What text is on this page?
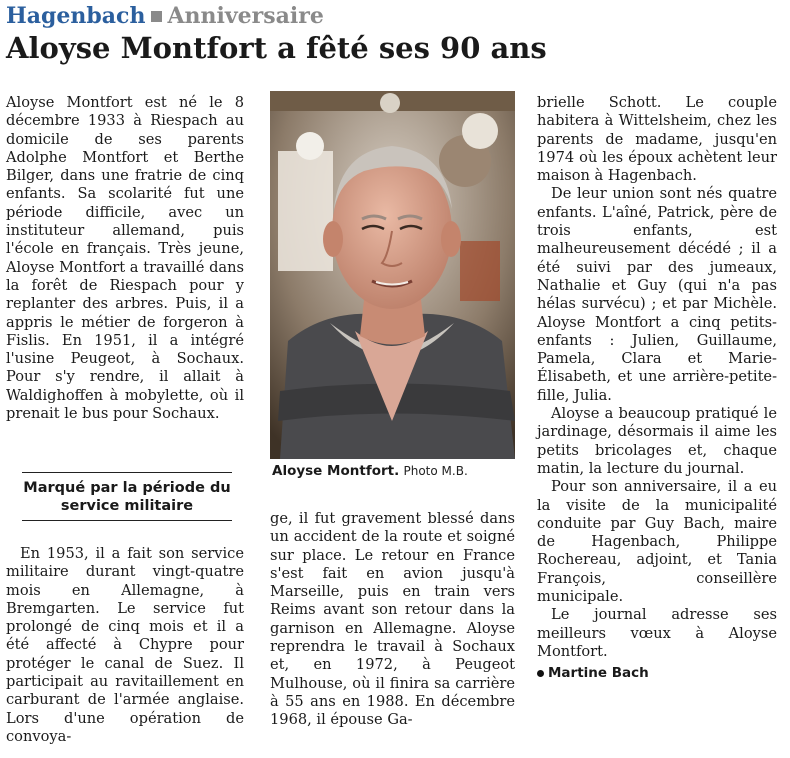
Hagenbach Anniversaire
Aloyse Montfort a fêté ses 90 ans

Aloyse Montfort est né le 8 décembre 1933 à Riespach au domicile de ses parents Adolphe Montfort et Berthe Bilger, dans une fratrie de cinq enfants. Sa scolarité fut une période difficile, avec un instituteur allemand, puis l'école en français. Très jeune, Aloyse Montfort a travaillé dans la forêt de Riespach pour y replanter des arbres. Puis, il a appris le métier de forgeron à Fislis. En 1951, il a intégré l'usine Peugeot, à Sochaux. Pour s'y rendre, il allait à Waldighoffen à mobylette, où il prenait le bus pour Sochaux.

Marqué par la période du service militaire

En 1953, il a fait son service militaire durant vingt-quatre mois en Allemagne, à Bremgarten. Le service fut prolongé de cinq mois et il a été affecté à Chypre pour protéger le canal de Suez. Il participait au ravitaillement en carburant de l'armée anglaise. Lors d'une opération de convoya-

Aloyse Montfort. Photo M.B.

ge, il fut gravement blessé dans un accident de la route et soigné sur place. Le retour en France s'est fait en avion jusqu'à Marseille, puis en train vers Reims avant son retour dans la garnison en Allemagne. Aloyse reprendra le travail à Sochaux et, en 1972, à Peugeot Mulhouse, où il finira sa carrière à 55 ans en 1988. En décembre 1968, il épouse Ga-

brielle Schott. Le couple habitera à Wittelsheim, chez les parents de madame, jusqu'en 1974 où les époux achètent leur maison à Hagenbach.

De leur union sont nés quatre enfants. L'aîné, Patrick, père de trois enfants, est malheureusement décédé ; il a été suivi par des jumeaux, Nathalie et Guy (qui n'a pas hélas survécu) ; et par Michèle. Aloyse Montfort a cinq petits-enfants : Julien, Guillaume, Pamela, Clara et Marie-Élisabeth, et une arrière-petite-fille, Julia.

Aloyse a beaucoup pratiqué le jardinage, désormais il aime les petits bricolages et, chaque matin, la lecture du journal.

Pour son anniversaire, il a eu la visite de la municipalité conduite par Guy Bach, maire de Hagenbach, Philippe Rochereau, adjoint, et Tania François, conseillère municipale.

Le journal adresse ses meilleurs vœux à Aloyse Montfort.

Martine Bach
